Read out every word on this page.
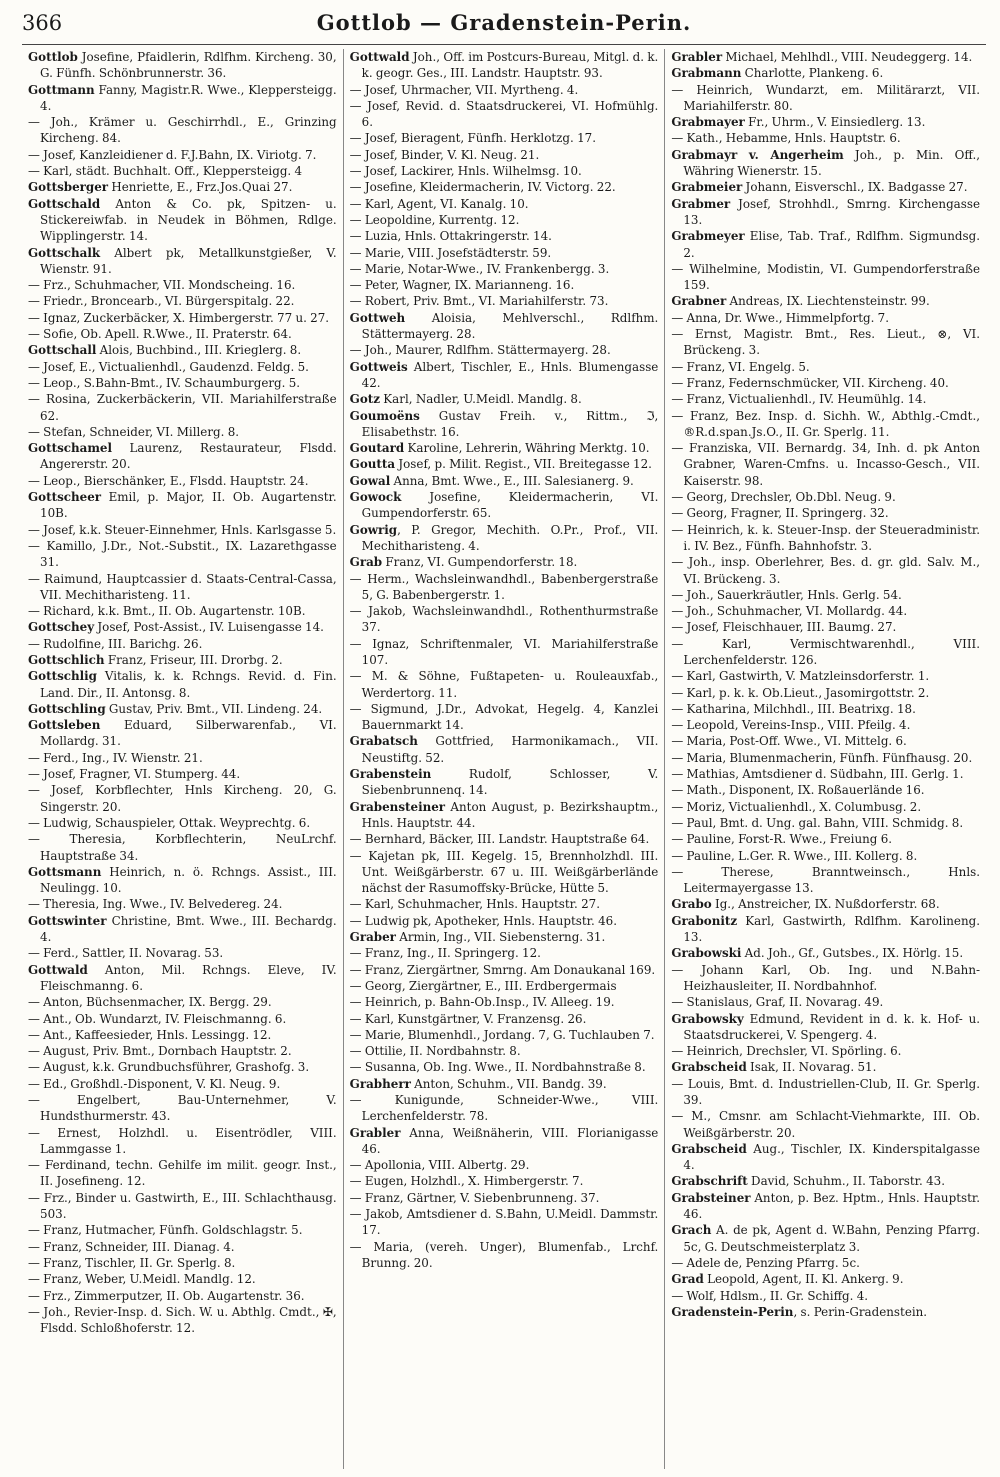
366	Gottlob — Gradenstein-Perin.

Gottlob Josefine, Pfaidlerin, Rdlfhm. Kircheng. 30, G. Fünfh. Schönbrunnerstr. 36.

Gottmann Fanny, Magistr.R. Wwe., Kleppersteigg. 4.

— Joh., Krämer u. Geschirrhdl., E., Grinzing Kircheng. 84.

— Josef, Kanzleidiener d. F.J.Bahn, IX. Viriotg. 7.

— Karl, städt. Buchhalt. Off., Kleppersteigg. 4

Gottsberger Henriette, E., Frz.Jos.Quai 27.

Gottschald Anton & Co. pk, Spitzen- u. Stickereiwfab. in Neudek in Böhmen, Rdlge. Wipplingerstr. 14.

Gottschalk Albert pk, Metallkunstgießer, V. Wienstr. 91.

— Frz., Schuhmacher, VII. Mondscheing. 16.

— Friedr., Broncearb., VI. Bürgerspitalg. 22.

— Ignaz, Zuckerbäcker, X. Himbergerstr. 77 u. 27.

— Sofie, Ob. Apell. R.Wwe., II. Praterstr. 64.

Gottschall Alois, Buchbind., III. Krieglerg. 8.

— Josef, E., Victualienhdl., Gaudenzd. Feldg. 5.

— Leop., S.Bahn-Bmt., IV. Schaumburgerg. 5.

— Rosina, Zuckerbäckerin, VII. Mariahilferstraße 62.

— Stefan, Schneider, VI. Millerg. 8.

Gottschamel Laurenz, Restaurateur, Flsdd. Angererstr. 20.

— Leop., Bierschänker, E., Flsdd. Hauptstr. 24.

Gottscheer Emil, p. Major, II. Ob. Augartenstr. 10B.

— Josef, k.k. Steuer-Einnehmer, Hnls. Karlsgasse 5.

— Kamillo, J.Dr., Not.-Substit., IX. Lazarethgasse 31.

— Raimund, Hauptcassier d. Staats-Central-Cassa, VII. Mechitharisteng. 11.

— Richard, k.k. Bmt., II. Ob. Augartenstr. 10B.

Gottschey Josef, Post-Assist., IV. Luisengasse 14.

— Rudolfine, III. Barichg. 26.

Gottschlich Franz, Friseur, III. Drorbg. 2.

Gottschlig Vitalis, k. k. Rchngs. Revid. d. Fin. Land. Dir., II. Antonsg. 8.

Gottschling Gustav, Priv. Bmt., VII. Lindeng. 24.

Gottsleben Eduard, Silberwarenfab., VI. Mollardg. 31.

— Ferd., Ing., IV. Wienstr. 21.

— Josef, Fragner, VI. Stumperg. 44.

— Josef, Korbflechter, Hnls Kircheng. 20, G. Singerstr. 20.

— Ludwig, Schauspieler, Ottak. Weyprechtg. 6.

— Theresia, Korbflechterin, NeuLrchf. Hauptstraße 34.

Gottsmann Heinrich, n. ö. Rchngs. Assist., III. Neulingg. 10.

— Theresia, Ing. Wwe., IV. Belvedereg. 24.

Gottswinter Christine, Bmt. Wwe., III. Bechardg. 4.

— Ferd., Sattler, II. Novarag. 53.

Gottwald Anton, Mil. Rchngs. Eleve, IV. Fleischmanng. 6.

— Anton, Büchsenmacher, IX. Bergg. 29.

— Ant., Ob. Wundarzt, IV. Fleischmanng. 6.

— Ant., Kaffeesieder, Hnls. Lessingg. 12.

— August, Priv. Bmt., Dornbach Hauptstr. 2.

— August, k.k. Grundbuchsführer, Grashofg. 3.

— Ed., Großhdl.-Disponent, V. Kl. Neug. 9.

— Engelbert, Bau-Unternehmer, V. Hundsthurmerstr. 43.

— Ernest, Holzhdl. u. Eisentrödler, VIII. Lammgasse 1.

— Ferdinand, techn. Gehilfe im milit. geogr. Inst., II. Josefineng. 12.

— Frz., Binder u. Gastwirth, E., III. Schlachthausg. 503.

— Franz, Hutmacher, Fünfh. Goldschlagstr. 5.

— Franz, Schneider, III. Dianag. 4.

— Franz, Tischler, II. Gr. Sperlg. 8.

— Franz, Weber, U.Meidl. Mandlg. 12.

— Frz., Zimmerputzer, II. Ob. Augartenstr. 36.

— Joh., Revier-Insp. d. Sich. W. u. Abthlg. Cmdt., ✠, Flsdd. Schloßhoferstr. 12.

Gottwald Joh., Off. im Postcurs-Bureau, Mitgl. d. k. k. geogr. Ges., III. Landstr. Hauptstr. 93.

— Josef, Uhrmacher, VII. Myrtheng. 4.

— Josef, Revid. d. Staatsdruckerei, VI. Hofmühlg. 6.

— Josef, Bieragent, Fünfh. Herklotzg. 17.

— Josef, Binder, V. Kl. Neug. 21.

— Josef, Lackirer, Hnls. Wilhelmsg. 10.

— Josefine, Kleidermacherin, IV. Victorg. 22.

— Karl, Agent, VI. Kanalg. 10.

— Leopoldine, Kurrentg. 12.

— Luzia, Hnls. Ottakringerstr. 14.

— Marie, VIII. Josefstädterstr. 59.

— Marie, Notar-Wwe., IV. Frankenbergg. 3.

— Peter, Wagner, IX. Marianneng. 16.

— Robert, Priv. Bmt., VI. Mariahilferstr. 73.

Gottweh Aloisia, Mehlverschl., Rdlfhm. Stättermayerg. 28.

— Joh., Maurer, Rdlfhm. Stättermayerg. 28.

Gottweis Albert, Tischler, E., Hnls. Blumengasse 42.

Gotz Karl, Nadler, U.Meidl. Mandlg. 8.

Goumoëns Gustav Freih. v., Rittm., ℑ, Elisabethstr. 16.

Goutard Karoline, Lehrerin, Währing Merktg. 10.

Goutta Josef, p. Milit. Regist., VII. Breitegasse 12.

Gowal Anna, Bmt. Wwe., E., III. Salesianerg. 9.

Gowock Josefine, Kleidermacherin, VI. Gumpendorferstr. 65.

Gowrig, P. Gregor, Mechith. O.Pr., Prof., VII. Mechitharisteng. 4.

Grab Franz, VI. Gumpendorferstr. 18.

— Herm., Wachsleinwandhdl., Babenbergerstraße 5, G. Babenbergerstr. 1.

— Jakob, Wachsleinwandhdl., Rothenthurmstraße 37.

— Ignaz, Schriftenmaler, VI. Mariahilferstraße 107.

— M. & Söhne, Fußtapeten- u. Rouleauxfab., Werdertorg. 11.

— Sigmund, J.Dr., Advokat, Hegelg. 4, Kanzlei Bauernmarkt 14.

Grabatsch Gottfried, Harmonikamach., VII. Neustiftg. 52.

Grabenstein Rudolf, Schlosser, V. Siebenbrunnenq. 14.

Grabensteiner Anton August, p. Bezirkshauptm., Hnls. Hauptstr. 44.

— Bernhard, Bäcker, III. Landstr. Hauptstraße 64.

— Kajetan pk, III. Kegelg. 15, Brennholzhdl. III. Unt. Weißgärberstr. 67 u. III. Weißgärberlände nächst der Rasumoffsky-Brücke, Hütte 5.

— Karl, Schuhmacher, Hnls. Hauptstr. 27.

— Ludwig pk, Apotheker, Hnls. Hauptstr. 46.

Graber Armin, Ing., VII. Siebensterng. 31.

— Franz, Ing., II. Springerg. 12.

— Franz, Ziergärtner, Smrng. Am Donaukanal 169.

— Georg, Ziergärtner, E., III. Erdbergermais

— Heinrich, p. Bahn-Ob.Insp., IV. Alleeg. 19.

— Karl, Kunstgärtner, V. Franzensg. 26.

— Marie, Blumenhdl., Jordang. 7, G. Tuchlauben 7.

— Ottilie, II. Nordbahnstr. 8.

— Susanna, Ob. Ing. Wwe., II. Nordbahnstraße 8.

Grabherr Anton, Schuhm., VII. Bandg. 39.

— Kunigunde, Schneider-Wwe., VIII. Lerchenfelderstr. 78.

Grabler Anna, Weißnäherin, VIII. Florianigasse 46.

— Apollonia, VIII. Albertg. 29.

— Eugen, Holzhdl., X. Himbergerstr. 7.

— Franz, Gärtner, V. Siebenbrunneng. 37.

— Jakob, Amtsdiener d. S.Bahn, U.Meidl. Dammstr. 17.

— Maria, (vereh. Unger), Blumenfab., Lrchf. Brunng. 20.

Grabler Michael, Mehlhdl., VIII. Neudeggerg. 14.

Grabmann Charlotte, Plankeng. 6.

— Heinrich, Wundarzt, em. Militärarzt, VII. Mariahilferstr. 80.

Grabmayer Fr., Uhrm., V. Einsiedlerg. 13.

— Kath., Hebamme, Hnls. Hauptstr. 6.

Grabmayr v. Angerheim Joh., p. Min. Off., Währing Wienerstr. 15.

Grabmeier Johann, Eisverschl., IX. Badgasse 27.

Grabmer Josef, Strohhdl., Smrng. Kirchengasse 13.

Grabmeyer Elise, Tab. Traf., Rdlfhm. Sigmundsg. 2.

— Wilhelmine, Modistin, VI. Gumpendorferstraße 159.

Grabner Andreas, IX. Liechtensteinstr. 99.

— Anna, Dr. Wwe., Himmelpfortg. 7.

— Ernst, Magistr. Bmt., Res. Lieut., ⊗, VI. Brückeng. 3.

— Franz, VI. Engelg. 5.

— Franz, Federnschmücker, VII. Kircheng. 40.

— Franz, Victualienhdl., IV. Heumühlg. 14.

— Franz, Bez. Insp. d. Sichh. W., Abthlg.-Cmdt., ®R.d.span.Js.O., II. Gr. Sperlg. 11.

— Franziska, VII. Bernardg. 34, Inh. d. pk Anton Grabner, Waren-Cmfns. u. Incasso-Gesch., VII. Kaiserstr. 98.

— Georg, Drechsler, Ob.Dbl. Neug. 9.

— Georg, Fragner, II. Springerg. 32.

— Heinrich, k. k. Steuer-Insp. der Steueradministr. i. IV. Bez., Fünfh. Bahnhofstr. 3.

— Joh., insp. Oberlehrer, Bes. d. gr. gld. Salv. M., VI. Brückeng. 3.

— Joh., Sauerkräutler, Hnls. Gerlg. 54.

— Joh., Schuhmacher, VI. Mollardg. 44.

— Josef, Fleischhauer, III. Baumg. 27.

— Karl, Vermischtwarenhdl., VIII. Lerchenfelderstr. 126.

— Karl, Gastwirth, V. Matzleinsdorferstr. 1.

— Karl, p. k. k. Ob.Lieut., Jasomirgottstr. 2.

— Katharina, Milchhdl., III. Beatrixg. 18.

— Leopold, Vereins-Insp., VIII. Pfeilg. 4.

— Maria, Post-Off. Wwe., VI. Mittelg. 6.

— Maria, Blumenmacherin, Fünfh. Fünfhausg. 20.

— Mathias, Amtsdiener d. Südbahn, III. Gerlg. 1.

— Math., Disponent, IX. Roßauerlände 16.

— Moriz, Victualienhdl., X. Columbusg. 2.

— Paul, Bmt. d. Ung. gal. Bahn, VIII. Schmidg. 8.

— Pauline, Forst-R. Wwe., Freiung 6.

— Pauline, L.Ger. R. Wwe., III. Kollerg. 8.

— Therese, Branntweinsch., Hnls. Leitermayergasse 13.

Grabo Ig., Anstreicher, IX. Nußdorferstr. 68.

Grabonitz Karl, Gastwirth, Rdlfhm. Karolineng. 13.

Grabowski Ad. Joh., Gf., Gutsbes., IX. Hörlg. 15.

— Johann Karl, Ob. Ing. und N.Bahn-Heizhausleiter, II. Nordbahnhof.

— Stanislaus, Graf, II. Novarag. 49.

Grabowsky Edmund, Revident in d. k. k. Hof- u. Staatsdruckerei, V. Spengerg. 4.

— Heinrich, Drechsler, VI. Spörling. 6.

Grabscheid Isak, II. Novarag. 51.

— Louis, Bmt. d. Industriellen-Club, II. Gr. Sperlg. 39.

— M., Cmsnr. am Schlacht-Viehmarkte, III. Ob. Weißgärberstr. 20.

Grabscheid Aug., Tischler, IX. Kinderspitalgasse 4.

Grabschrift David, Schuhm., II. Taborstr. 43.

Grabsteiner Anton, p. Bez. Hptm., Hnls. Hauptstr. 46.

Grach A. de pk, Agent d. W.Bahn, Penzing Pfarrg. 5c, G. Deutschmeisterplatz 3.

— Adele de, Penzing Pfarrg. 5c.

Grad Leopold, Agent, II. Kl. Ankerg. 9.

— Wolf, Hdlsm., II. Gr. Schiffg. 4.

Gradenstein-Perin, s. Perin-Gradenstein.
